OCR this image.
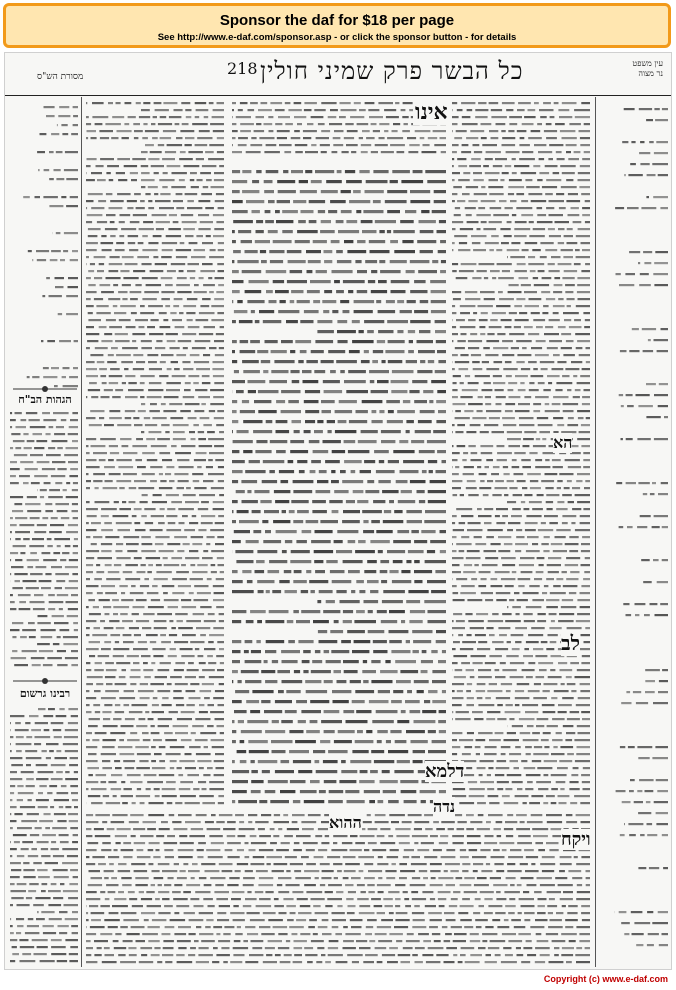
Sponsor the daf for $18 per page
See http://www.e-daf.com/sponsor.asp - or click the sponsor button - for details
218 כל הבשר פרק שמיני חולין
מסורת הש"ס
עין משפט
נר מצוה
הגהות הב"ח
רבינו גרשום
אינו
לב
הא
דלמא
נדה
ויקח
ההוא
Copyright (c) www.e-daf.com
